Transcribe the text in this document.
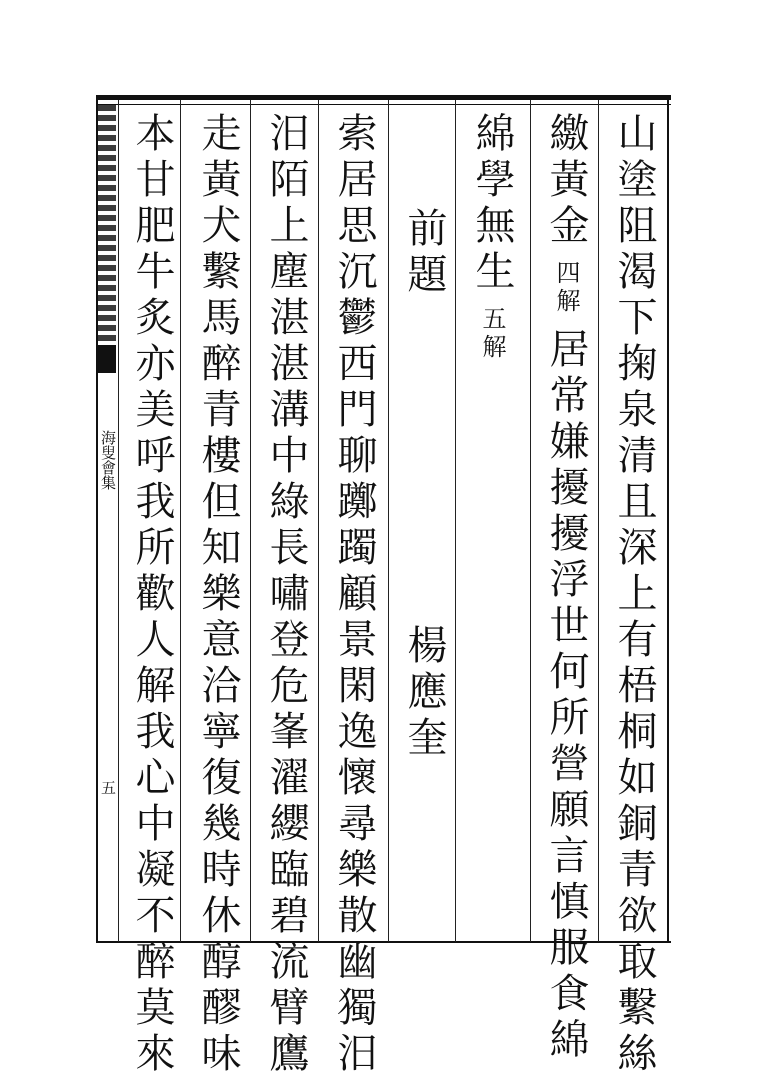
海叟會集
五	山塗阻渴下掬泉清且深上有梧桐如銅青欲取繫絲
繳黃金四解居常嫌擾擾浮世何所營願言慎服食綿
綿學無生五解
前題楊應奎
索居思沉鬱西門聊躑躅顧景閑逸懷尋樂散幽獨汨
汨陌上塵湛湛溝中綠長嘯登危峯濯纓臨碧流臂鷹
走黃犬繫馬醉青樓但知樂意洽寧復幾時休醇醪味
本甘肥牛炙亦美呼我所歡人解我心中凝不醉莫來
